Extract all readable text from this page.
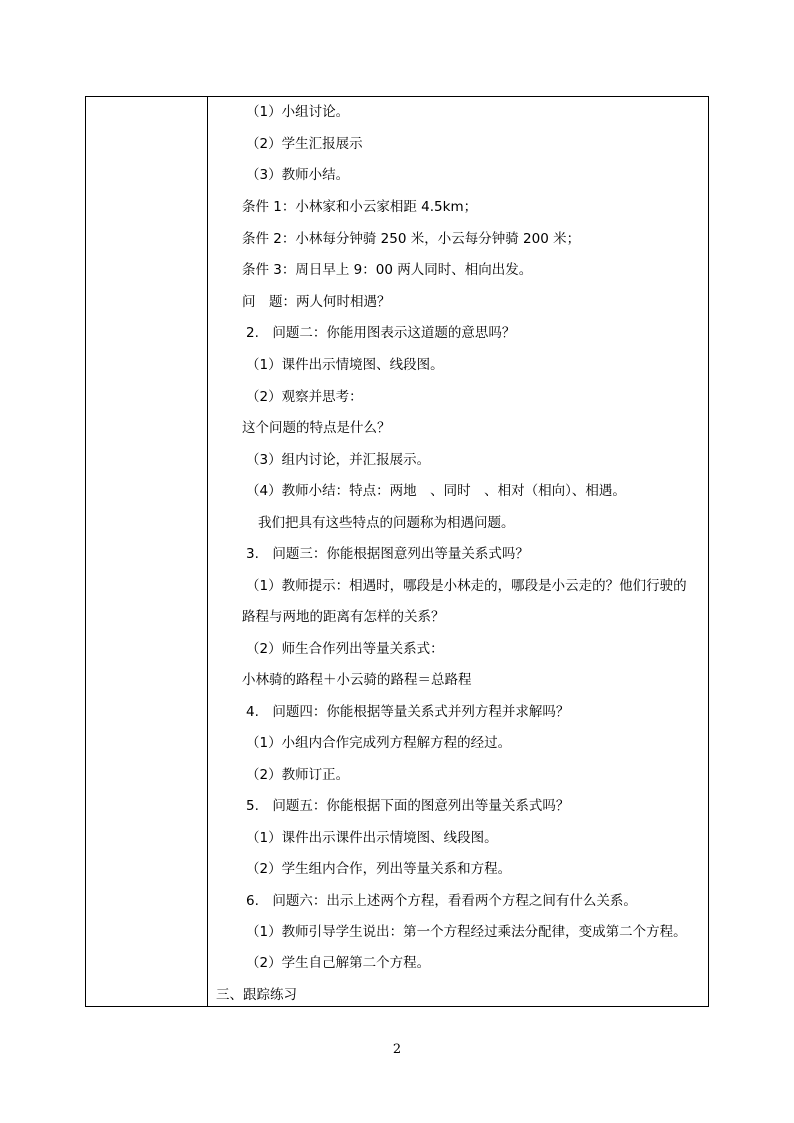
（1）小组讨论。
（2）学生汇报展示
（3）教师小结。
条件 1：小林家和小云家相距 4.5km；
条件 2：小林每分钟骑 250 米，小云每分钟骑 200 米；
条件 3：周日早上 9：00 两人同时、相向出发。
问　题：两人何时相遇？
2.　问题二：你能用图表示这道题的意思吗？
（1）课件出示情境图、线段图。
（2）观察并思考：
这个问题的特点是什么？
（3）组内讨论，并汇报展示。
（4）教师小结：特点：两地　、同时　、相对（相向）、相遇。
我们把具有这些特点的问题称为相遇问题。
3.　问题三：你能根据图意列出等量关系式吗？
（1）教师提示：相遇时，哪段是小林走的，哪段是小云走的？他们行驶的
路程与两地的距离有怎样的关系？
（2）师生合作列出等量关系式：
小林骑的路程＋小云骑的路程＝总路程
4.　问题四：你能根据等量关系式并列方程并求解吗？
（1）小组内合作完成列方程解方程的经过。
（2）教师订正。
5.　问题五：你能根据下面的图意列出等量关系式吗？
（1）课件出示课件出示情境图、线段图。
（2）学生组内合作，列出等量关系和方程。
6.　问题六：出示上述两个方程，看看两个方程之间有什么关系。
（1）教师引导学生说出：第一个方程经过乘法分配律，变成第二个方程。
（2）学生自己解第二个方程。
三、跟踪练习
2
